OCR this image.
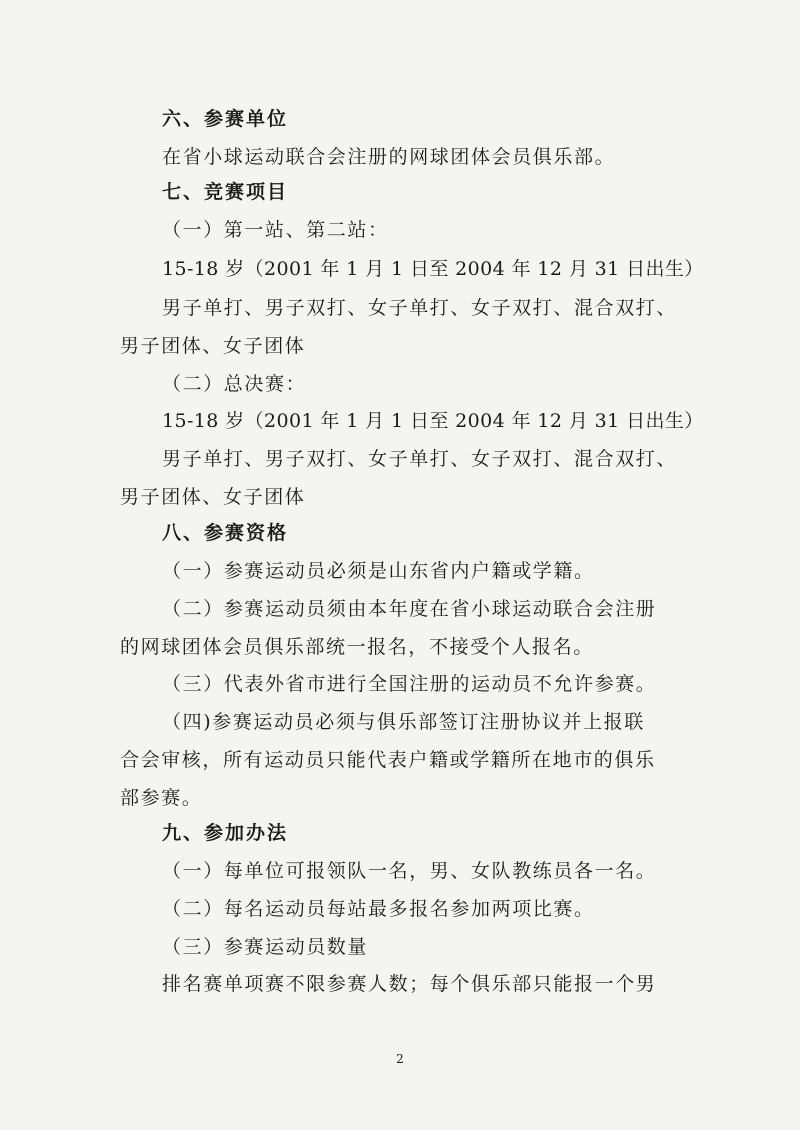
六、参赛单位
在省小球运动联合会注册的网球团体会员俱乐部。
七、竞赛项目
（一）第一站、第二站：
15-18 岁（2001 年 1 月 1 日至 2004 年 12 月 31 日出生）
男子单打、男子双打、女子单打、女子双打、混合双打、
男子团体、女子团体
（二）总决赛：
15-18 岁（2001 年 1 月 1 日至 2004 年 12 月 31 日出生）
男子单打、男子双打、女子单打、女子双打、混合双打、
男子团体、女子团体
八、参赛资格
（一）参赛运动员必须是山东省内户籍或学籍。
（二）参赛运动员须由本年度在省小球运动联合会注册
的网球团体会员俱乐部统一报名，不接受个人报名。
（三）代表外省市进行全国注册的运动员不允许参赛。
（四)参赛运动员必须与俱乐部签订注册协议并上报联
合会审核，所有运动员只能代表户籍或学籍所在地市的俱乐
部参赛。
九、参加办法
（一）每单位可报领队一名，男、女队教练员各一名。
（二）每名运动员每站最多报名参加两项比赛。
（三）参赛运动员数量
排名赛单项赛不限参赛人数；每个俱乐部只能报一个男
2
